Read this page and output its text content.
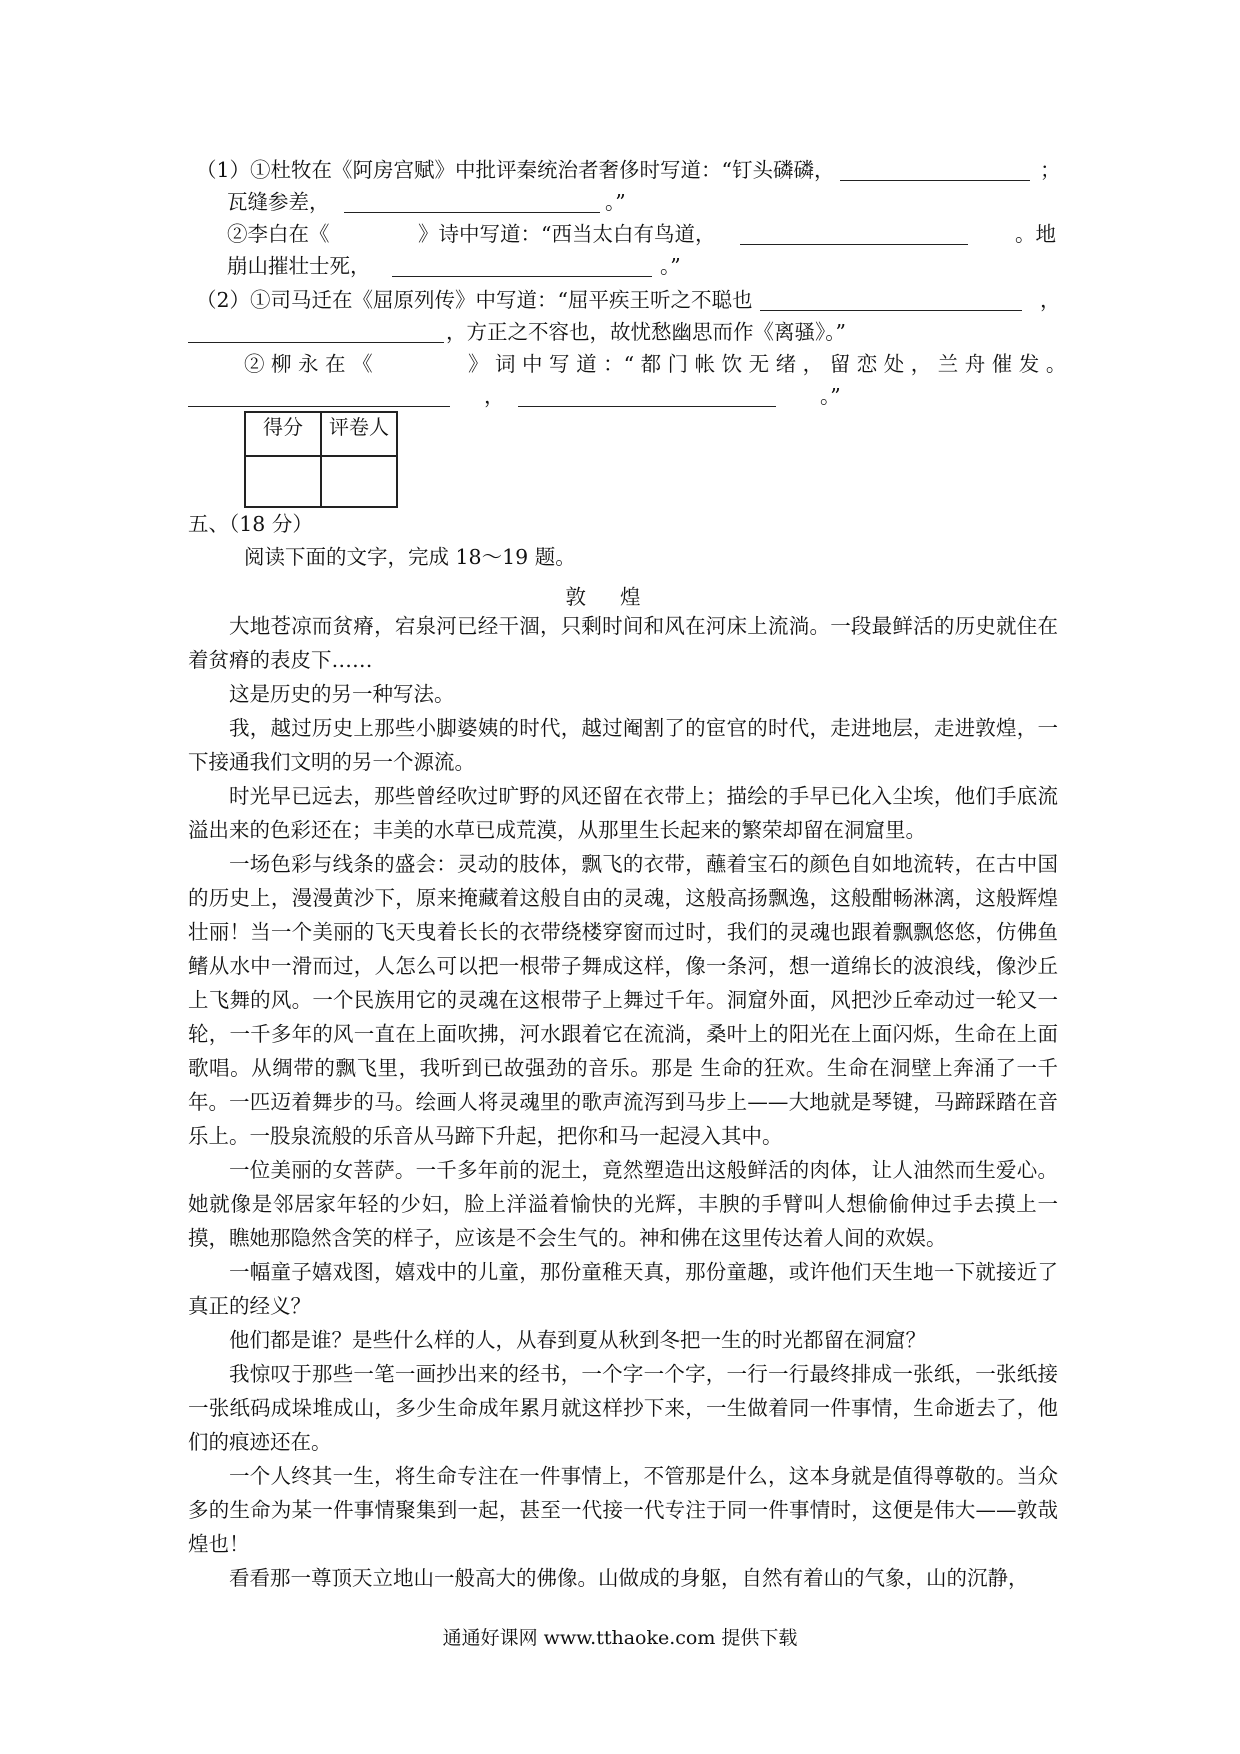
（1）①杜牧在《阿房宫赋》中批评秦统治者奢侈时写道：“钉头磷磷，	；
瓦缝参差，	。”
②李白在《	》诗中写道：“西当太白有鸟道，	。地
崩山摧壮士死，	。”
（2）①司马迁在《屈原列传》中写道：“屈平疾王听之不聪也	，
，方正之不容也，故忧愁幽思而作《离骚》。”
② 柳 永 在 《	》 词 中 写 道 ：“ 都 门 帐 饮 无 绪 ， 留 恋 处 ， 兰 舟 催 发 。
，	。”
得分	评卷人

五、（18 分）
阅读下面的文字，完成 18～19 题。
敦煌
大地苍凉而贫瘠，宕泉河已经干涸，只剩时间和风在河床上流淌。一段最鲜活的历史就住在着贫瘠的表皮下……
这是历史的另一种写法。
我，越过历史上那些小脚婆姨的时代，越过阉割了的宦官的时代，走进地层，走进敦煌，一下接通我们文明的另一个源流。
时光早已远去，那些曾经吹过旷野的风还留在衣带上；描绘的手早已化入尘埃，他们手底流溢出来的色彩还在；丰美的水草已成荒漠，从那里生长起来的繁荣却留在洞窟里。
一场色彩与线条的盛会：灵动的肢体，飘飞的衣带，蘸着宝石的颜色自如地流转，在古中国的历史上，漫漫黄沙下，原来掩藏着这般自由的灵魂，这般高扬飘逸，这般酣畅淋漓，这般辉煌壮丽！当一个美丽的飞天曳着长长的衣带绕楼穿窗而过时，我们的灵魂也跟着飘飘悠悠，仿佛鱼鳍从水中一滑而过，人怎么可以把一根带子舞成这样，像一条河，想一道绵长的波浪线，像沙丘上飞舞的风。一个民族用它的灵魂在这根带子上舞过千年。洞窟外面，风把沙丘牵动过一轮又一轮，一千多年的风一直在上面吹拂，河水跟着它在流淌，桑叶上的阳光在上面闪烁，生命在上面歌唱。从绸带的飘飞里，我听到已故强劲的音乐。那是 生命的狂欢。生命在洞壁上奔涌了一千年。 一匹迈着舞步的马。绘画人将灵魂里的歌声流泻到马步上——大地就是琴键，马蹄踩踏在音乐上。一股泉流般的乐音从马蹄下升起，把你和马一起浸入其中。
一位美丽的女菩萨。一千多年前的泥土，竟然塑造出这般鲜活的肉体，让人油然而生爱心。她就像是邻居家年轻的少妇，脸上洋溢着愉快的光辉，丰腴的手臂叫人想偷偷伸过手去摸上一摸，瞧她那隐然含笑的样子，应该是不会生气的。神和佛在这里传达着人间的欢娱。
一幅童子嬉戏图，嬉戏中的儿童，那份童稚天真，那份童趣，或许他们天生地一下就接近了真正的经义？
他们都是谁？是些什么样的人，从春到夏从秋到冬把一生的时光都留在洞窟？
我惊叹于那些一笔一画抄出来的经书，一个字一个字，一行一行最终排成一张纸，一张纸接一张纸码成垛堆成山，多少生命成年累月就这样抄下来，一生做着同一件事情，生命逝去了，他们的痕迹还在。
一个人终其一生，将生命专注在一件事情上，不管那是什么，这本身就是值得尊敬的。当众多的生命为某一件事情聚集到一起，甚至一代接一代专注于同一件事情时，这便是伟大——敦哉煌也！
看看那一尊顶天立地山一般高大的佛像。山做成的身躯，自然有着山的气象，山的沉静，
通通好课网 www.tthaoke.com 提供下载
